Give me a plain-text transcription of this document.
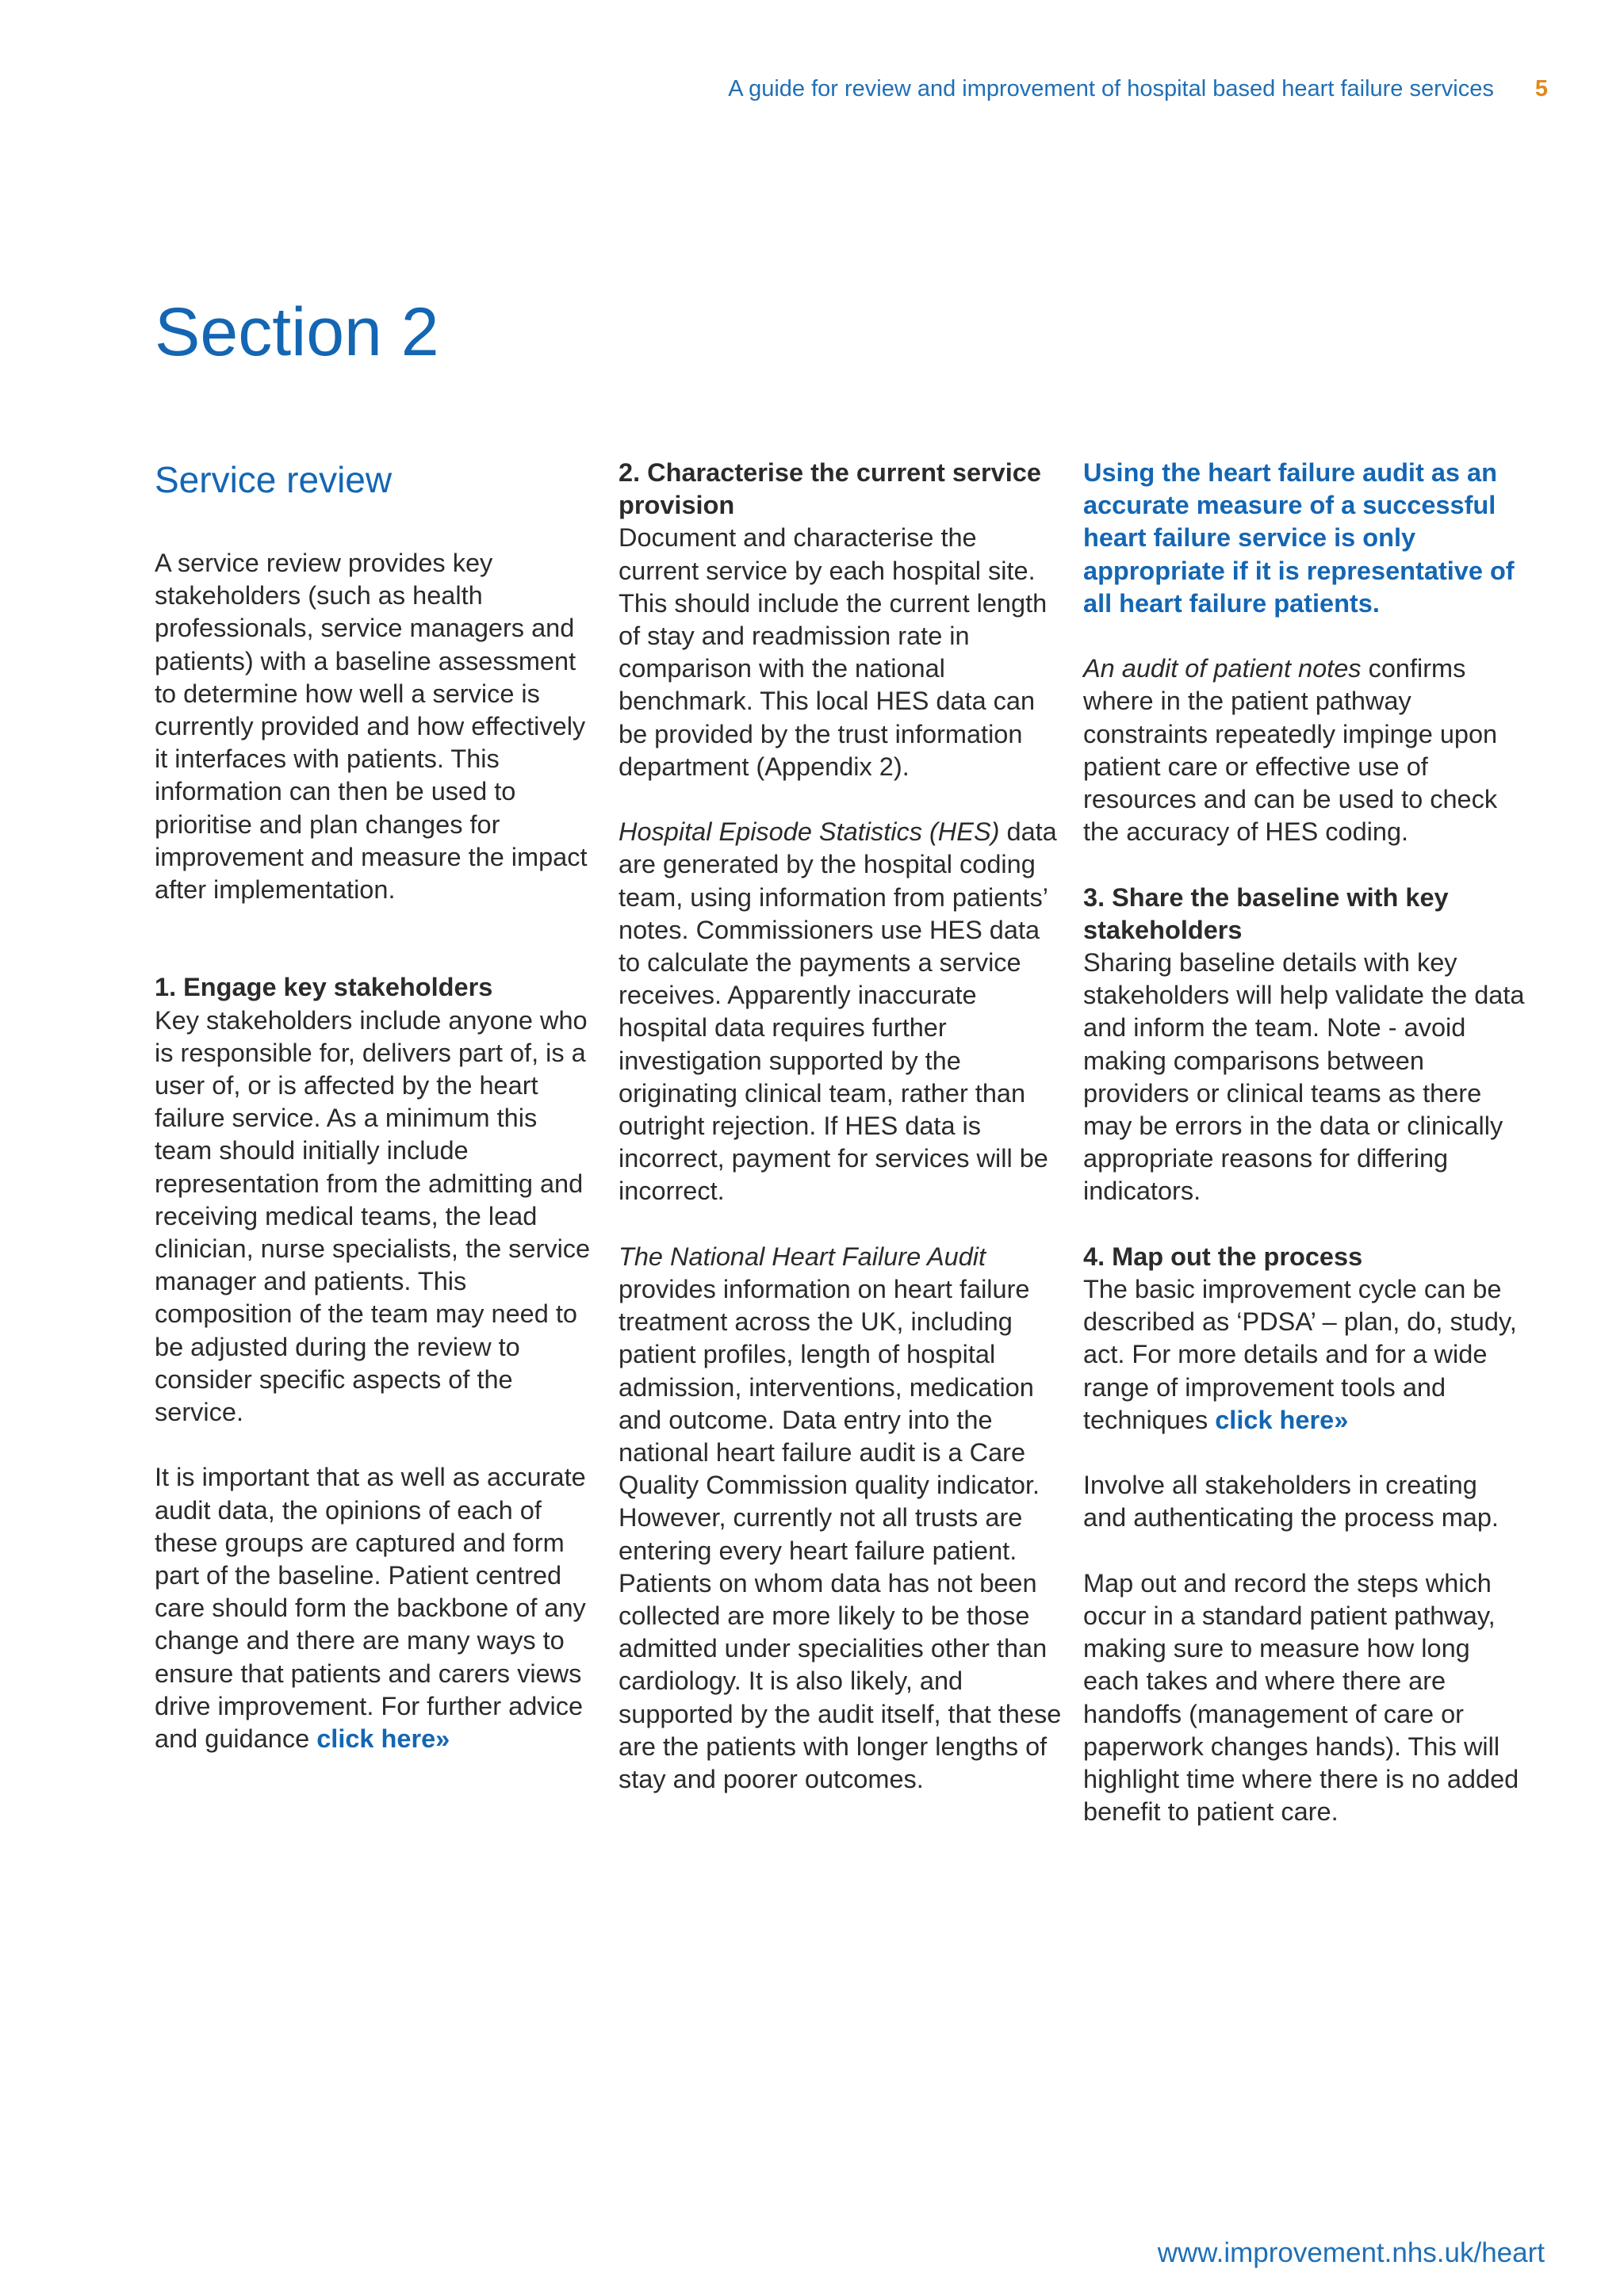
A guide for review and improvement of hospital based heart failure services 5
Section 2
Service review

A service review provides key stakeholders (such as health professionals, service managers and patients) with a baseline assessment to determine how well a service is currently provided and how effectively it interfaces with patients. This information can then be used to prioritise and plan changes for improvement and measure the impact after implementation.

1. Engage key stakeholders
Key stakeholders include anyone who is responsible for, delivers part of, is a user of, or is affected by the heart failure service. As a minimum this team should initially include representation from the admitting and receiving medical teams, the lead clinician, nurse specialists, the service manager and patients. This composition of the team may need to be adjusted during the review to consider specific aspects of the service.

It is important that as well as accurate audit data, the opinions of each of these groups are captured and form part of the baseline. Patient centred care should form the backbone of any change and there are many ways to ensure that patients and carers views drive improvement. For further advice and guidance click here»

2. Characterise the current service provision
Document and characterise the current service by each hospital site. This should include the current length of stay and readmission rate in comparison with the national benchmark. This local HES data can be provided by the trust information department (Appendix 2).

Hospital Episode Statistics (HES) data are generated by the hospital coding team, using information from patients’ notes. Commissioners use HES data to calculate the payments a service receives. Apparently inaccurate hospital data requires further investigation supported by the originating clinical team, rather than outright rejection. If HES data is incorrect, payment for services will be incorrect.

The National Heart Failure Audit provides information on heart failure treatment across the UK, including patient profiles, length of hospital admission, interventions, medication and outcome. Data entry into the national heart failure audit is a Care Quality Commission quality indicator. However, currently not all trusts are entering every heart failure patient. Patients on whom data has not been collected are more likely to be those admitted under specialities other than cardiology. It is also likely, and supported by the audit itself, that these are the patients with longer lengths of stay and poorer outcomes.

Using the heart failure audit as an accurate measure of a successful heart failure service is only appropriate if it is representative of all heart failure patients.

An audit of patient notes confirms where in the patient pathway constraints repeatedly impinge upon patient care or effective use of resources and can be used to check the accuracy of HES coding.

3. Share the baseline with key stakeholders
Sharing baseline details with key stakeholders will help validate the data and inform the team. Note - avoid making comparisons between providers or clinical teams as there may be errors in the data or clinically appropriate reasons for differing indicators.

4. Map out the process
The basic improvement cycle can be described as ‘PDSA’ – plan, do, study, act. For more details and for a wide range of improvement tools and techniques click here»

Involve all stakeholders in creating and authenticating the process map.

Map out and record the steps which occur in a standard patient pathway, making sure to measure how long each takes and where there are handoffs (management of care or paperwork changes hands). This will highlight time where there is no added benefit to patient care.

www.improvement.nhs.uk/heart
